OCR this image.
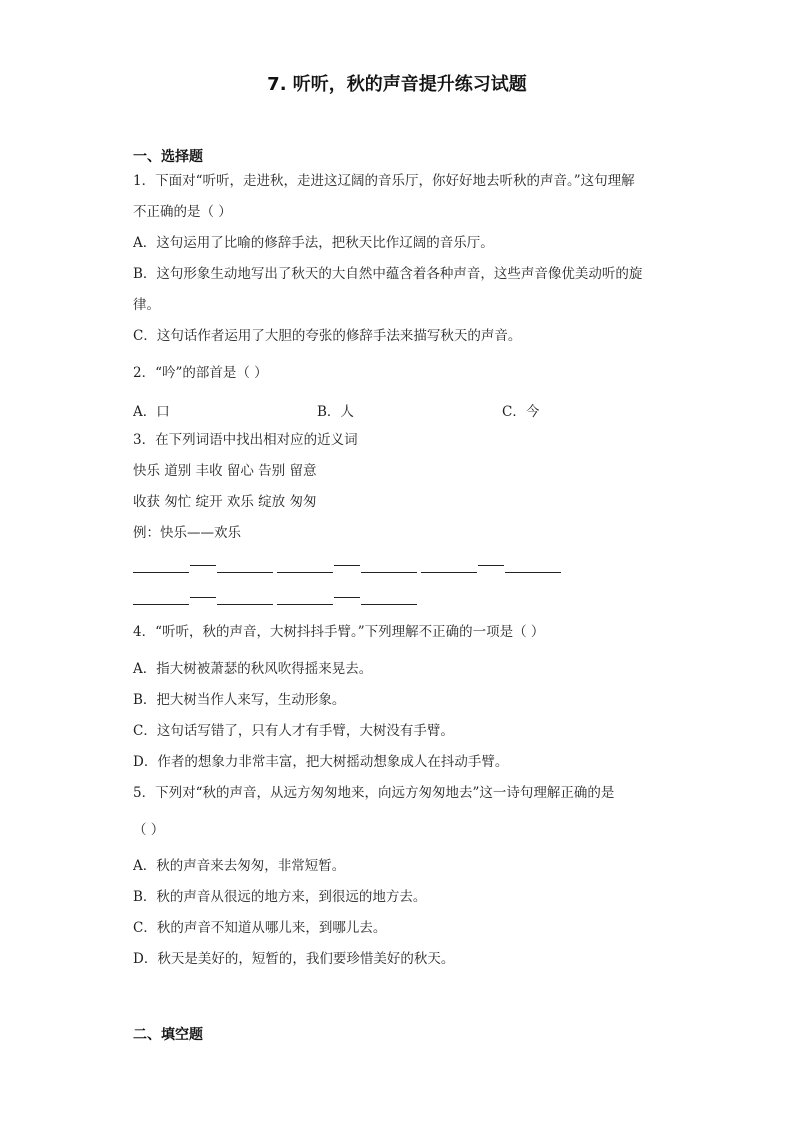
7. 听听，秋的声音提升练习试题
一、选择题
1．下面对“听听，走进秋，走进这辽阔的音乐厅，你好好地去听秋的声音。”这句理解
不正确的是（ ）
A．这句运用了比喻的修辞手法，把秋天比作辽阔的音乐厅。
B．这句形象生动地写出了秋天的大自然中蕴含着各种声音，这些声音像优美动听的旋
律。
C．这句话作者运用了大胆的夸张的修辞手法来描写秋天的声音。
2．“吟”的部首是（ ）
A．口	B．人	C．今
3．在下列词语中找出相对应的近义词
快乐 道别 丰收 留心 告别 留意
收获 匆忙 绽开 欢乐 绽放 匆匆
例：快乐——欢乐
4．“听听，秋的声音，大树抖抖手臂。”下列理解不正确的一项是（ ）
A．指大树被萧瑟的秋风吹得摇来晃去。
B．把大树当作人来写，生动形象。
C．这句话写错了，只有人才有手臂，大树没有手臂。
D．作者的想象力非常丰富，把大树摇动想象成人在抖动手臂。
5．下列对“秋的声音，从远方匆匆地来，向远方匆匆地去”这一诗句理解正确的是
（ ）
A．秋的声音来去匆匆，非常短暂。
B．秋的声音从很远的地方来，到很远的地方去。
C．秋的声音不知道从哪儿来，到哪儿去。
D．秋天是美好的，短暂的，我们要珍惜美好的秋天。
二、填空题
